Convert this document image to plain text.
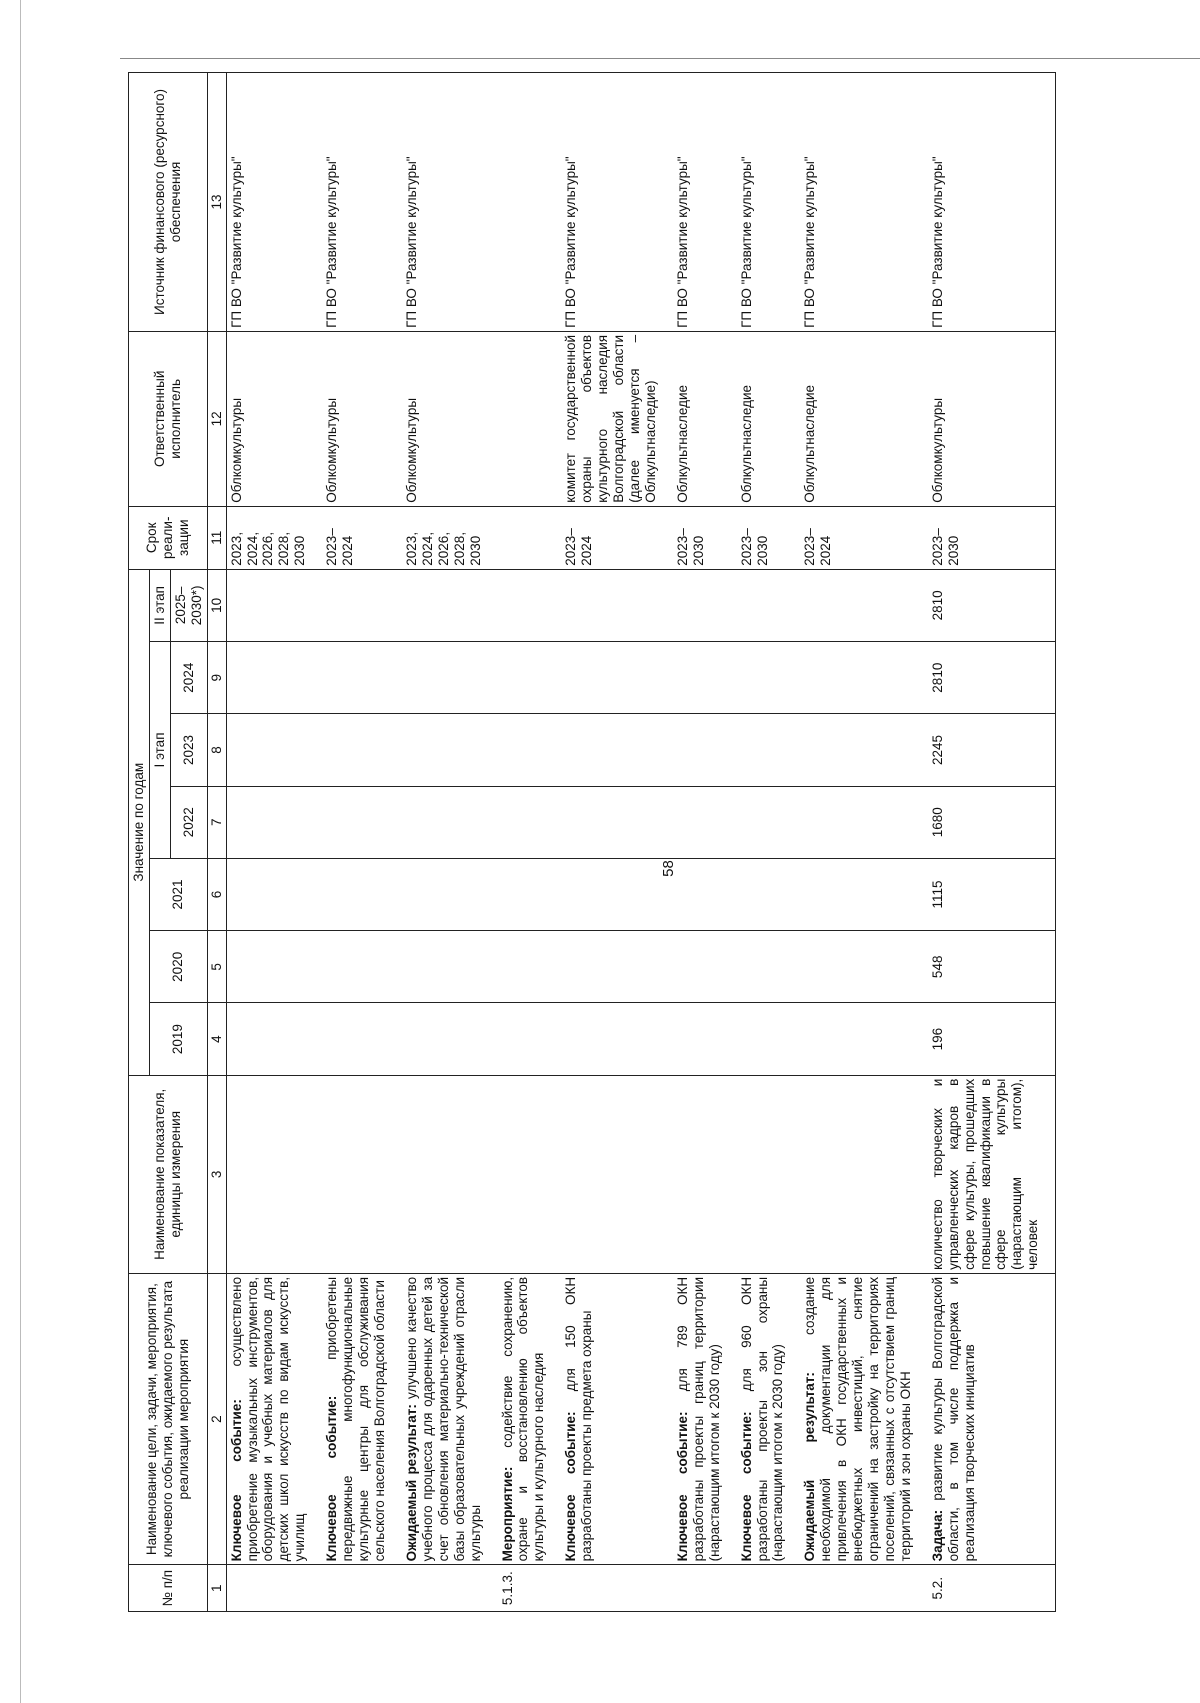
58
№ п/п	Наименование цели, задачи, мероприятия, ключевого события, ожидаемого результата реализации мероприятия	Наименование показателя, единицы измерения	Значение по годам							Срок реали-зации	Ответственный исполнитель	Источник финансового (ресурсного) обеспечения
			2019	2020	2021	I этап			II этап			
						2022	2023	2024	2025–2030*)			
1	2	3	4	5	6	7	8	9	10	11	12	13
	Ключевое событие: осуществлено приобретение музыкальных инструментов, оборудования и учебных материалов для детских школ искусств по видам искусств, училищ									2023, 2024, 2026, 2028, 2030	Облкомкультуры	ГП ВО "Развитие культуры"
	Ключевое событие: приобретены передвижные многофункциональные культурные центры для обслуживания сельского населения Волгоградской области									2023–2024	Облкомкультуры	ГП ВО "Развитие культуры"
	Ожидаемый результат: улучшено качество учебного процесса для одаренных детей за счет обновления материально-технической базы образовательных учреждений отрасли культуры									2023, 2024, 2026, 2028, 2030	Облкомкультуры	ГП ВО "Развитие культуры"
5.1.3.	Мероприятие: содействие сохранению, охране и восстановлению объектов культуры и культурного наследия											
	Ключевое событие: для 150 ОКН разработаны проекты предмета охраны									2023–2024	комитет государственной охраны объектов культурного наследия Волгоградской области (далее именуется – Облкультнаследие)	ГП ВО "Развитие культуры"
	Ключевое событие: для 789 ОКН разработаны проекты границ территории (нарастающим итогом к 2030 году)									2023–2030	Облкультнаследие	ГП ВО "Развитие культуры"
	Ключевое событие: для 960 ОКН разработаны проекты зон охраны (нарастающим итогом к 2030 году)									2023–2030	Облкультнаследие	ГП ВО "Развитие культуры"
	Ожидаемый результат: создание необходимой документации для привлечения в ОКН государственных и внебюджетных инвестиций, снятие ограничений на застройку на территориях поселений, связанных с отсутствием границ территорий и зон охраны ОКН									2023–2024	Облкультнаследие	ГП ВО "Развитие культуры"
5.2.	Задача: развитие культуры Волгоградской области, в том числе поддержка и реализация творческих инициатив	количество творческих и управленческих кадров в сфере культуры, прошедших повышение квалификации в сфере культуры (нарастающим итогом), человек	196	548	1115	1680	2245	2810	2810	2023–2030	Облкомкультуры	ГП ВО "Развитие культуры"
